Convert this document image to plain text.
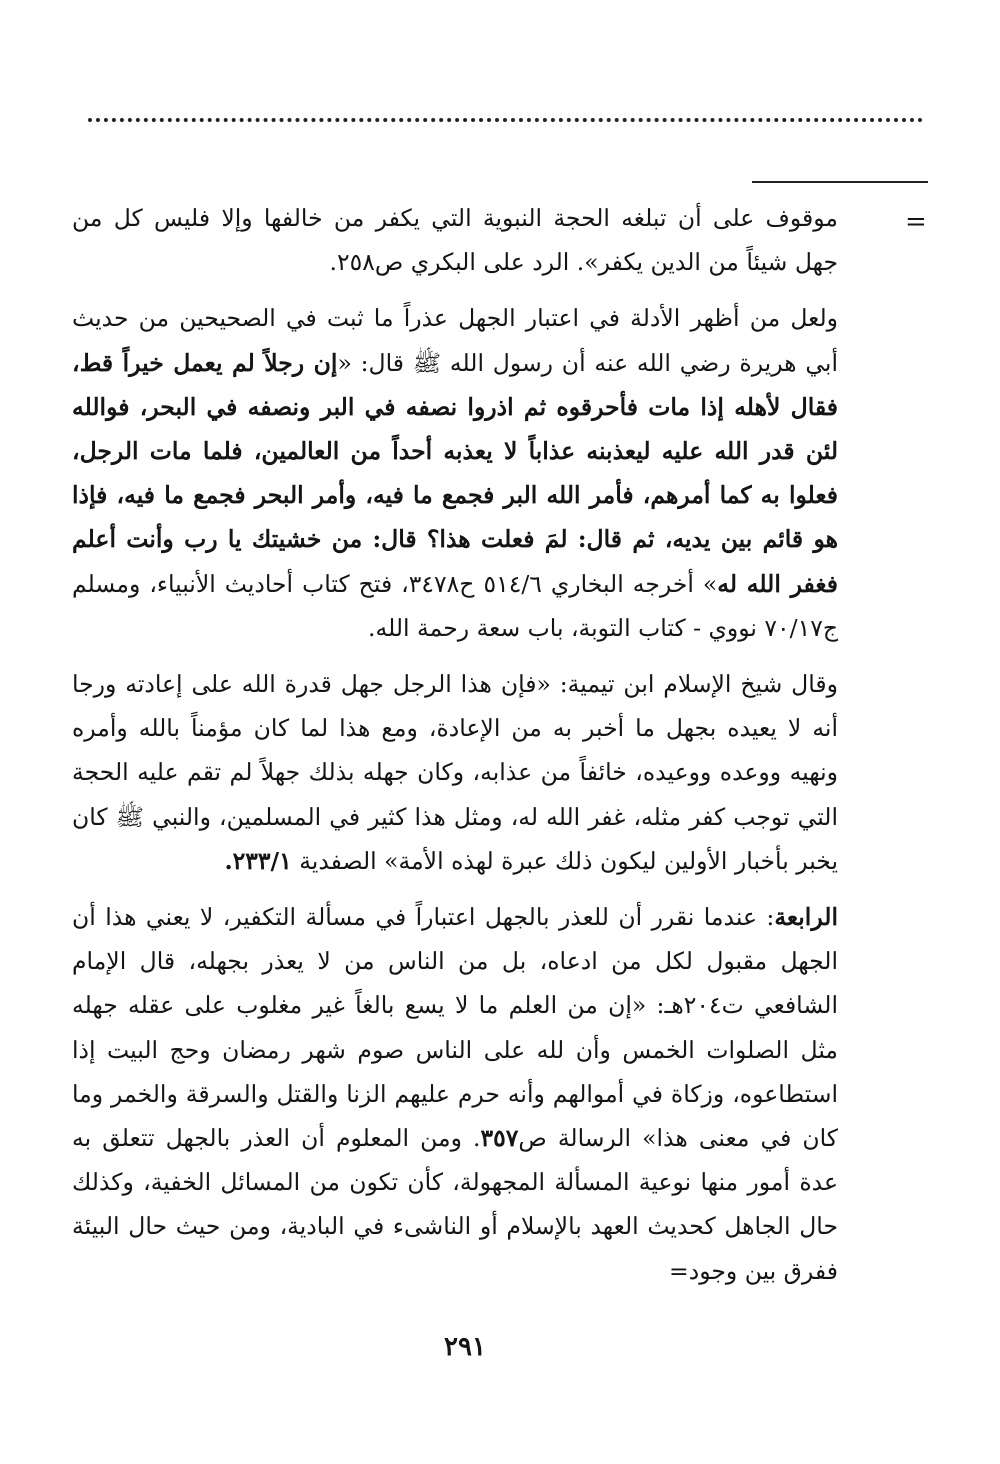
=

موقوف على أن تبلغه الحجة النبوية التي يكفر من خالفها وإلا فليس كل من جهل شيئاً من الدين يكفر». الرد على البكري ص٢٥٨.

ولعل من أظهر الأدلة في اعتبار الجهل عذراً ما ثبت في الصحيحين من حديث أبي هريرة رضي الله عنه أن رسول الله ﷺ قال: «إن رجلاً لم يعمل خيراً قط، فقال لأهله إذا مات فأحرقوه ثم اذروا نصفه في البر ونصفه في البحر، فوالله لئن قدر الله عليه ليعذبنه عذاباً لا يعذبه أحداً من العالمين، فلما مات الرجل، فعلوا به كما أمرهم، فأمر الله البر فجمع ما فيه، وأمر البحر فجمع ما فيه، فإذا هو قائم بين يديه، ثم قال: لمَ فعلت هذا؟ قال: من خشيتك يا رب وأنت أعلم فغفر الله له» أخرجه البخاري ٥١٤/٦ ح٣٤٧٨، فتح كتاب أحاديث الأنبياء، ومسلم ج٧٠/١٧ نووي - كتاب التوبة، باب سعة رحمة الله.

وقال شيخ الإسلام ابن تيمية: «فإن هذا الرجل جهل قدرة الله على إعادته ورجا أنه لا يعيده بجهل ما أخبر به من الإعادة، ومع هذا لما كان مؤمناً بالله وأمره ونهيه ووعده ووعيده، خائفاً من عذابه، وكان جهله بذلك جهلاً لم تقم عليه الحجة التي توجب كفر مثله، غفر الله له، ومثل هذا كثير في المسلمين، والنبي ﷺ كان يخبر بأخبار الأولين ليكون ذلك عبرة لهذه الأمة» الصفدية ٢٣٣/١.

الرابعة: عندما نقرر أن للعذر بالجهل اعتباراً في مسألة التكفير، لا يعني هذا أن الجهل مقبول لكل من ادعاه، بل من الناس من لا يعذر بجهله، قال الإمام الشافعي ت٢٠٤هـ: «إن من العلم ما لا يسع بالغاً غير مغلوب على عقله جهله مثل الصلوات الخمس وأن لله على الناس صوم شهر رمضان وحج البيت إذا استطاعوه، وزكاة في أموالهم وأنه حرم عليهم الزنا والقتل والسرقة والخمر وما كان في معنى هذا» الرسالة ص٣٥٧. ومن المعلوم أن العذر بالجهل تتعلق به عدة أمور منها نوعية المسألة المجهولة، كأن تكون من المسائل الخفية، وكذلك حال الجاهل كحديث العهد بالإسلام أو الناشىء في البادية، ومن حيث حال البيئة ففرق بين وجود=

٢٩١
